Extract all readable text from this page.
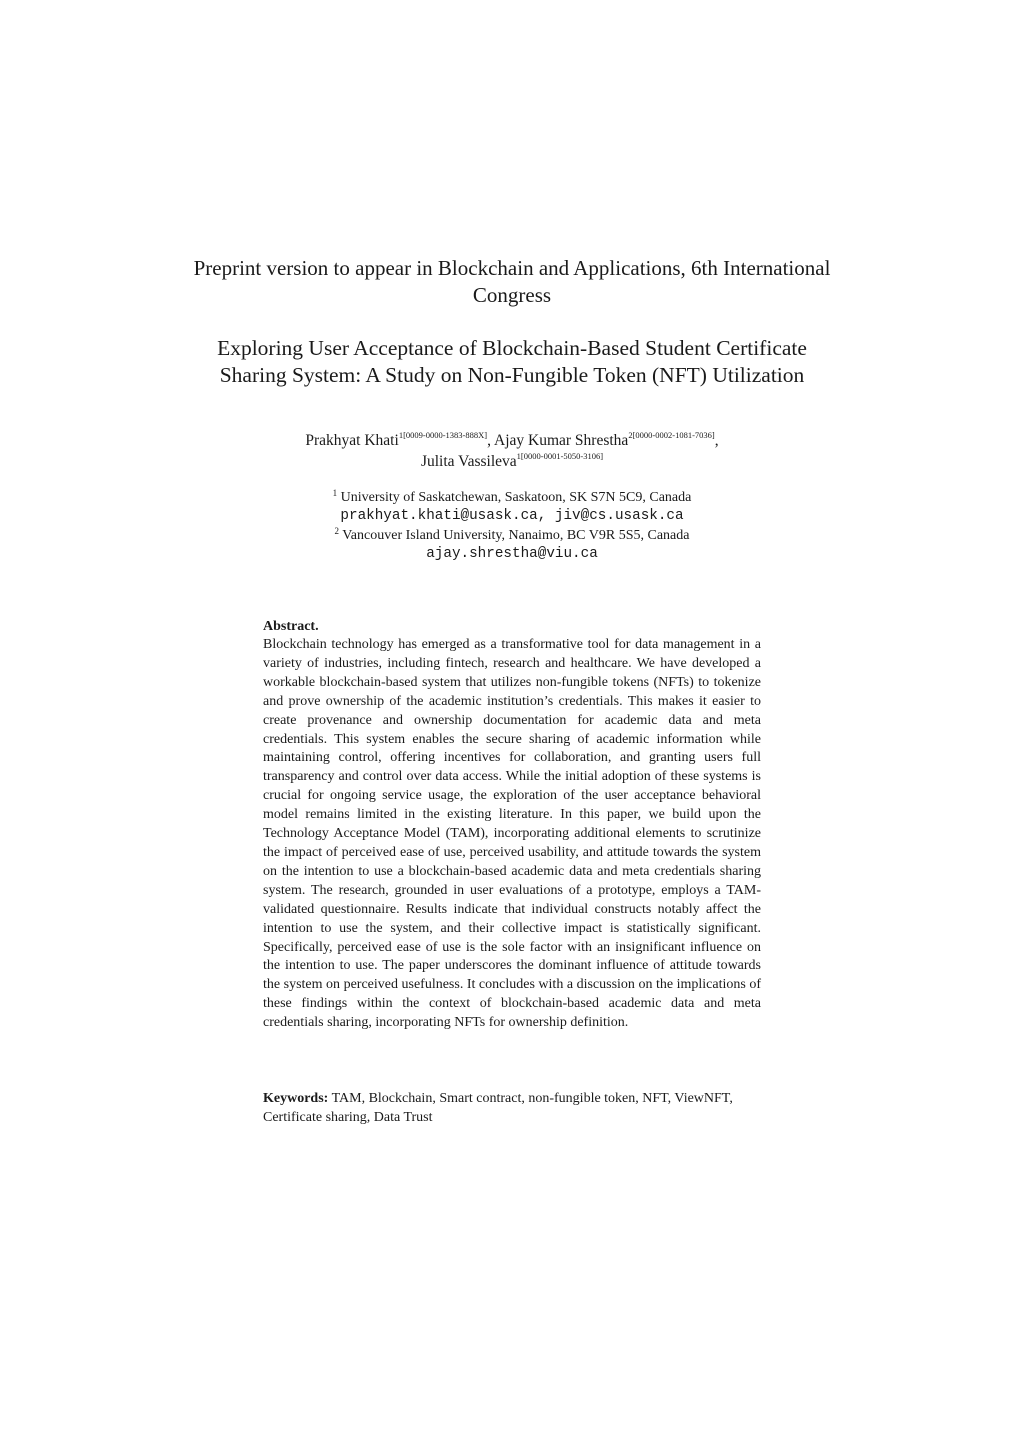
Preprint version to appear in Blockchain and Applications, 6th International Congress
Exploring User Acceptance of Blockchain-Based Student Certificate Sharing System: A Study on Non-Fungible Token (NFT) Utilization
Prakhyat Khati$^{1[0009-0000-1383-888X]}$, Ajay Kumar Shrestha$^{2[0000-0002-1081-7036]}$,
Julita Vassileva$^{1[0000-0001-5050-3106]}$
$^1$ University of Saskatchewan, Saskatoon, SK S7N 5C9, Canada
prakhyat.khati@usask.ca, jiv@cs.usask.ca
$^2$ Vancouver Island University, Nanaimo, BC V9R 5S5, Canada
ajay.shrestha@viu.ca
Abstract.
Blockchain technology has emerged as a transformative tool for data management in a variety of industries, including fintech, research and healthcare. We have developed a workable blockchain-based system that utilizes non-fungible tokens (NFTs) to tokenize and prove ownership of the academic institution’s credentials. This makes it easier to create provenance and ownership documentation for academic data and meta credentials. This system enables the secure sharing of academic information while maintaining control, offering incentives for collaboration, and granting users full transparency and control over data access. While the initial adoption of these systems is crucial for ongoing service usage, the exploration of the user acceptance behavioral model remains limited in the existing literature. In this paper, we build upon the Technology Acceptance Model (TAM), incorporating additional elements to scrutinize the impact of perceived ease of use, perceived usability, and attitude towards the system on the intention to use a blockchain-based academic data and meta credentials sharing system. The research, grounded in user evaluations of a prototype, employs a TAM-validated questionnaire. Results indicate that individual constructs notably affect the intention to use the system, and their collective impact is statistically significant. Specifically, perceived ease of use is the sole factor with an insignificant influence on the intention to use. The paper underscores the dominant influence of attitude towards the system on perceived usefulness. It concludes with a discussion on the implications of these findings within the context of blockchain-based academic data and meta credentials sharing, incorporating NFTs for ownership definition.
Keywords: TAM, Blockchain, Smart contract, non-fungible token, NFT, ViewNFT, Certificate sharing, Data Trust
